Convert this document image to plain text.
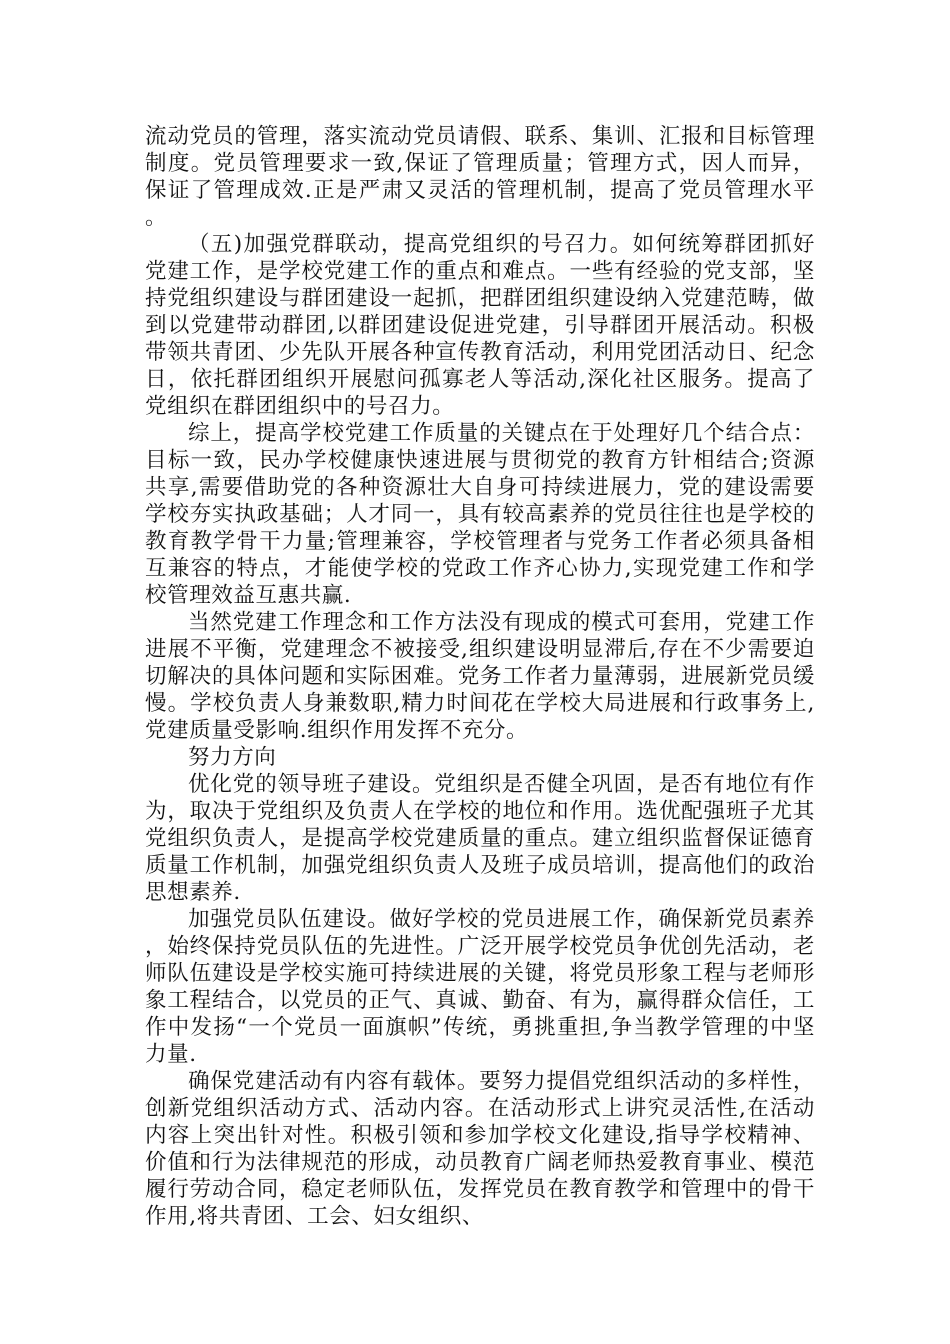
流动党员的管理，落实流动党员请假、联系、集训、汇报和目标管理制度。党员管理要求一致,保证了管理质量；管理方式，因人而异，保证了管理成效.正是严肃又灵活的管理机制，提高了党员管理水平。

（五)加强党群联动，提高党组织的号召力。如何统筹群团抓好党建工作，是学校党建工作的重点和难点。一些有经验的党支部，坚持党组织建设与群团建设一起抓，把群团组织建设纳入党建范畴，做到以党建带动群团,以群团建设促进党建，引导群团开展活动。积极带领共青团、少先队开展各种宣传教育活动，利用党团活动日、纪念日，依托群团组织开展慰问孤寡老人等活动,深化社区服务。提高了党组织在群团组织中的号召力。

综上，提高学校党建工作质量的关键点在于处理好几个结合点：目标一致，民办学校健康快速进展与贯彻党的教育方针相结合;资源共享,需要借助党的各种资源壮大自身可持续进展力，党的建设需要学校夯实执政基础；人才同一，具有较高素养的党员往往也是学校的教育教学骨干力量;管理兼容，学校管理者与党务工作者必须具备相互兼容的特点，才能使学校的党政工作齐心协力,实现党建工作和学校管理效益互惠共赢.

当然党建工作理念和工作方法没有现成的模式可套用，党建工作进展不平衡，党建理念不被接受,组织建设明显滞后,存在不少需要迫切解决的具体问题和实际困难。党务工作者力量薄弱，进展新党员缓慢。学校负责人身兼数职,精力时间花在学校大局进展和行政事务上,党建质量受影响.组织作用发挥不充分。

努力方向

优化党的领导班子建设。党组织是否健全巩固，是否有地位有作为，取决于党组织及负责人在学校的地位和作用。选优配强班子尤其党组织负责人，是提高学校党建质量的重点。建立组织监督保证德育质量工作机制，加强党组织负责人及班子成员培训，提高他们的政治思想素养.

加强党员队伍建设。做好学校的党员进展工作，确保新党员素养，始终保持党员队伍的先进性。广泛开展学校党员争优创先活动，老师队伍建设是学校实施可持续进展的关键，将党员形象工程与老师形象工程结合，以党员的正气、真诚、勤奋、有为，赢得群众信任，工作中发扬“一个党员一面旗帜”传统，勇挑重担,争当教学管理的中坚力量.

确保党建活动有内容有载体。要努力提倡党组织活动的多样性，创新党组织活动方式、活动内容。在活动形式上讲究灵活性,在活动内容上突出针对性。积极引领和参加学校文化建设,指导学校精神、价值和行为法律规范的形成，动员教育广阔老师热爱教育事业、模范履行劳动合同，稳定老师队伍，发挥党员在教育教学和管理中的骨干作用,将共青团、工会、妇女组织、
